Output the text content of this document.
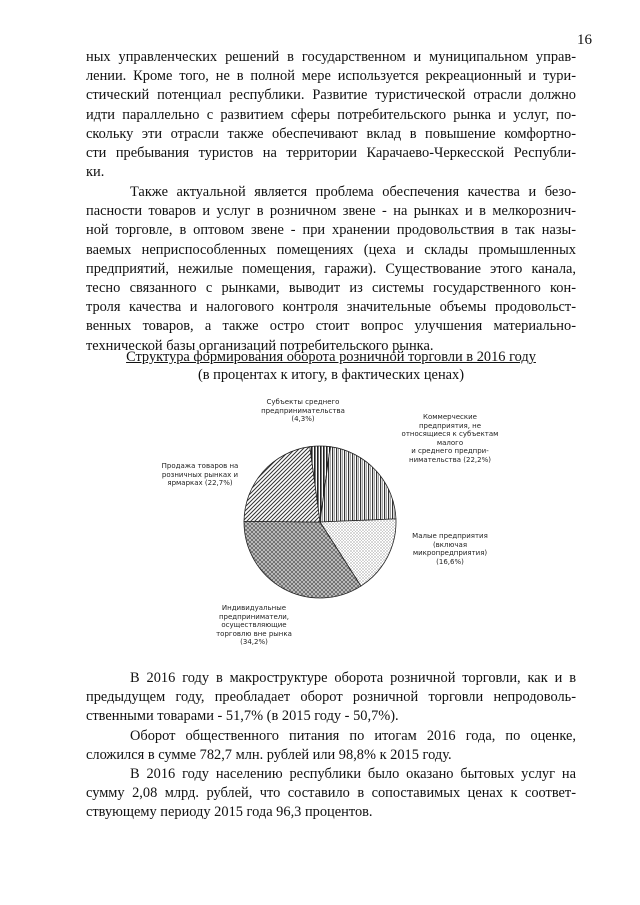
16
ных управленческих решений в государственном и муниципальном управ-
лении. Кроме того, не в полной мере используется рекреационный и тури-
стический потенциал республики. Развитие туристической отрасли должно
идти параллельно с развитием сферы потребительского рынка и услуг, по-
скольку эти отрасли также обеспечивают вклад в повышение комфортно-
сти пребывания туристов на территории Карачаево-Черкесской Республи-
ки.
Также актуальной является проблема обеспечения качества и безо-
пасности товаров и услуг в розничном звене - на рынках и в мелкорознич-
ной торговле, в оптовом звене - при хранении продовольствия в так назы-
ваемых неприспособленных помещениях (цеха и склады промышленных
предприятий, нежилые помещения, гаражи). Существование этого канала,
тесно связанного с рынками, выводит из системы государственного кон-
троля качества и налогового контроля значительные объемы продовольст-
венных товаров, а также остро стоит вопрос улучшения материально-
технической базы организаций потребительского рынка.
Структура формирования оборота розничной торговли в 2016 году
(в процентах к итогу, в фактических ценах)
Субъекты среднего
предпринимательства
(4,3%)	Коммерческие
предприятия, не
относящиеся к субъектам
малого
и среднего предпри-
нимательства (22,2%)
Малые предприятия
(включая
микропредприятия)
(16,6%)
Индивидуальные
предприниматели,
осуществляющие
торговлю вне рынка
(34,2%)
Продажа товаров на
розничных рынках и
ярмарках (22,7%)
В 2016 году в макроструктуре оборота розничной торговли, как и в
предыдущем году, преобладает оборот розничной торговли непродоволь-
ственными товарами - 51,7% (в 2015 году - 50,7%).
Оборот общественного питания по итогам 2016 года, по оценке,
сложился в сумме 782,7 млн. рублей или 98,8% к 2015 году.
В 2016 году населению республики было оказано бытовых услуг на
сумму 2,08 млрд. рублей, что составило в сопоставимых ценах к соответ-
ствующему периоду 2015 года 96,3 процентов.
